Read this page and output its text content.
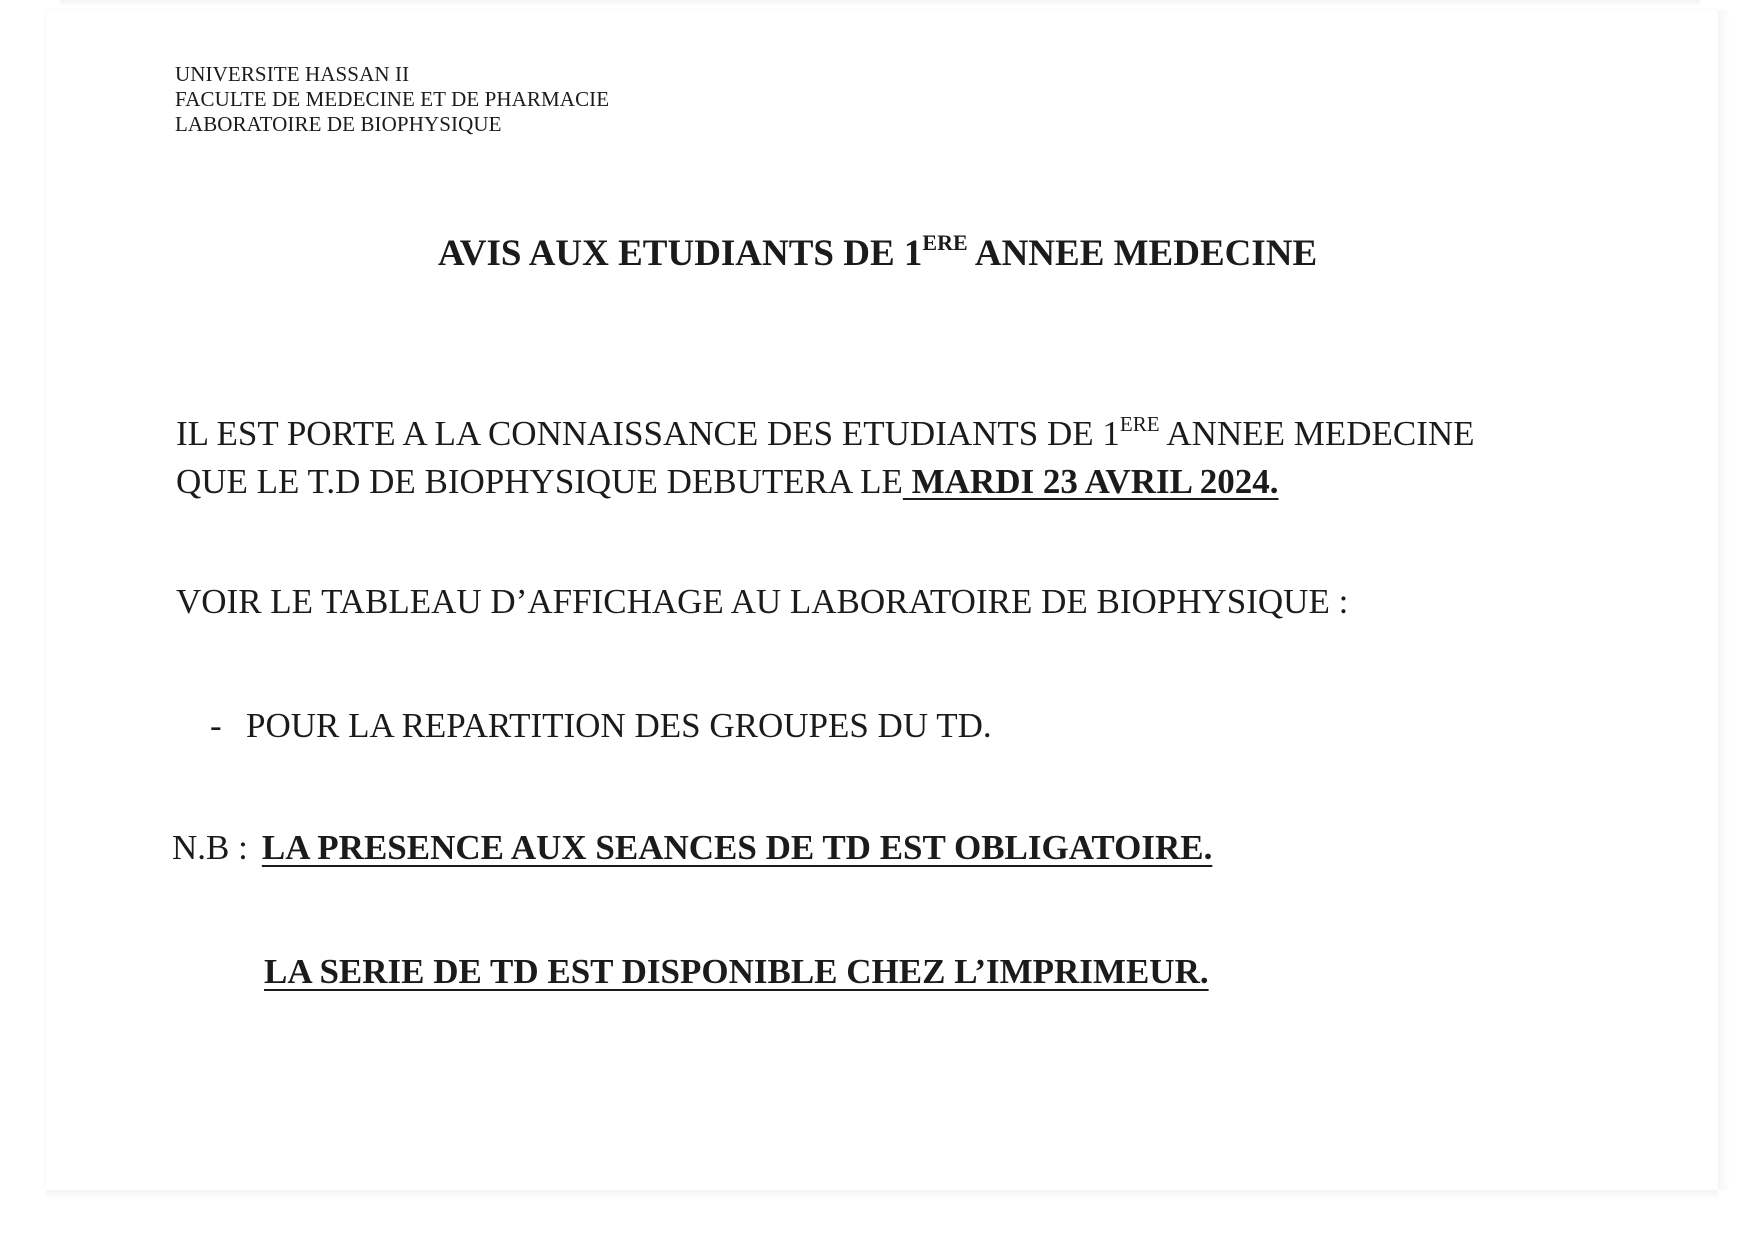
UNIVERSITE HASSAN II
FACULTE DE MEDECINE ET DE PHARMACIE
LABORATOIRE DE BIOPHYSIQUE
AVIS AUX ETUDIANTS DE 1ERE ANNEE MEDECINE
IL EST PORTE A LA CONNAISSANCE DES ETUDIANTS DE 1ERE ANNEE MEDECINE
QUE LE T.D DE BIOPHYSIQUE DEBUTERA LE MARDI 23 AVRIL 2024.
VOIR LE TABLEAU D’AFFICHAGE AU LABORATOIRE DE BIOPHYSIQUE :
- POUR LA REPARTITION DES GROUPES DU TD.
N.B : LA PRESENCE AUX SEANCES DE TD EST OBLIGATOIRE.
LA SERIE DE TD EST DISPONIBLE CHEZ L’IMPRIMEUR.
